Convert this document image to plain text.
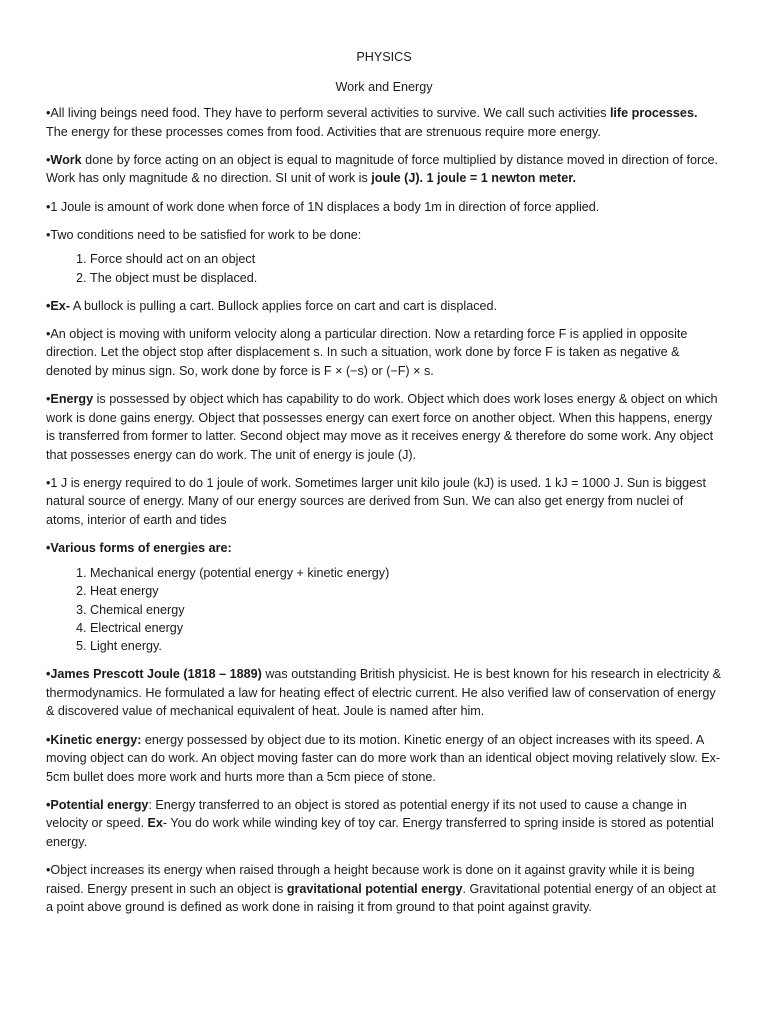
PHYSICS

Work and Energy

•All living beings need food. They have to perform several activities to survive. We call such activities life processes. The energy for these processes comes from food. Activities that are strenuous require more energy.

•Work done by force acting on an object is equal to magnitude of force multiplied by distance moved in direction of force. Work has only magnitude & no direction. SI unit of work is joule (J). 1 joule = 1 newton meter.

•1 Joule is amount of work done when force of 1N displaces a body 1m in direction of force applied.

•Two conditions need to be satisfied for work to be done:

1. Force should act on an object
2. The object must be displaced.

•Ex- A bullock is pulling a cart. Bullock applies force on cart and cart is displaced.

•An object is moving with uniform velocity along a particular direction. Now a retarding force F is applied in opposite direction. Let the object stop after displacement s. In such a situation, work done by force F is taken as negative & denoted by minus sign. So, work done by force is F × (−s) or (−F) × s.

•Energy is possessed by object which has capability to do work. Object which does work loses energy & object on which work is done gains energy. Object that possesses energy can exert force on another object. When this happens, energy is transferred from former to latter. Second object may move as it receives energy & therefore do some work. Any object that possesses energy can do work. The unit of energy is joule (J).

•1 J is energy required to do 1 joule of work. Sometimes larger unit kilo joule (kJ) is used. 1 kJ = 1000 J. Sun is biggest natural source of energy. Many of our energy sources are derived from Sun. We can also get energy from nuclei of atoms, interior of earth and tides

•Various forms of energies are:

1. Mechanical energy (potential energy + kinetic energy)
2. Heat energy
3. Chemical energy
4. Electrical energy
5. Light energy.

•James Prescott Joule (1818 – 1889) was outstanding British physicist. He is best known for his research in electricity & thermodynamics. He formulated a law for heating effect of electric current. He also verified law of conservation of energy & discovered value of mechanical equivalent of heat. Joule is named after him.

•Kinetic energy: energy possessed by object due to its motion. Kinetic energy of an object increases with its speed. A moving object can do work. An object moving faster can do more work than an identical object moving relatively slow. Ex- 5cm bullet does more work and hurts more than a 5cm piece of stone.

•Potential energy: Energy transferred to an object is stored as potential energy if its not used to cause a change in velocity or speed. Ex- You do work while winding key of toy car. Energy transferred to spring inside is stored as potential energy.

•Object increases its energy when raised through a height because work is done on it against gravity while it is being raised. Energy present in such an object is gravitational potential energy. Gravitational potential energy of an object at a point above ground is defined as work done in raising it from ground to that point against gravity.
